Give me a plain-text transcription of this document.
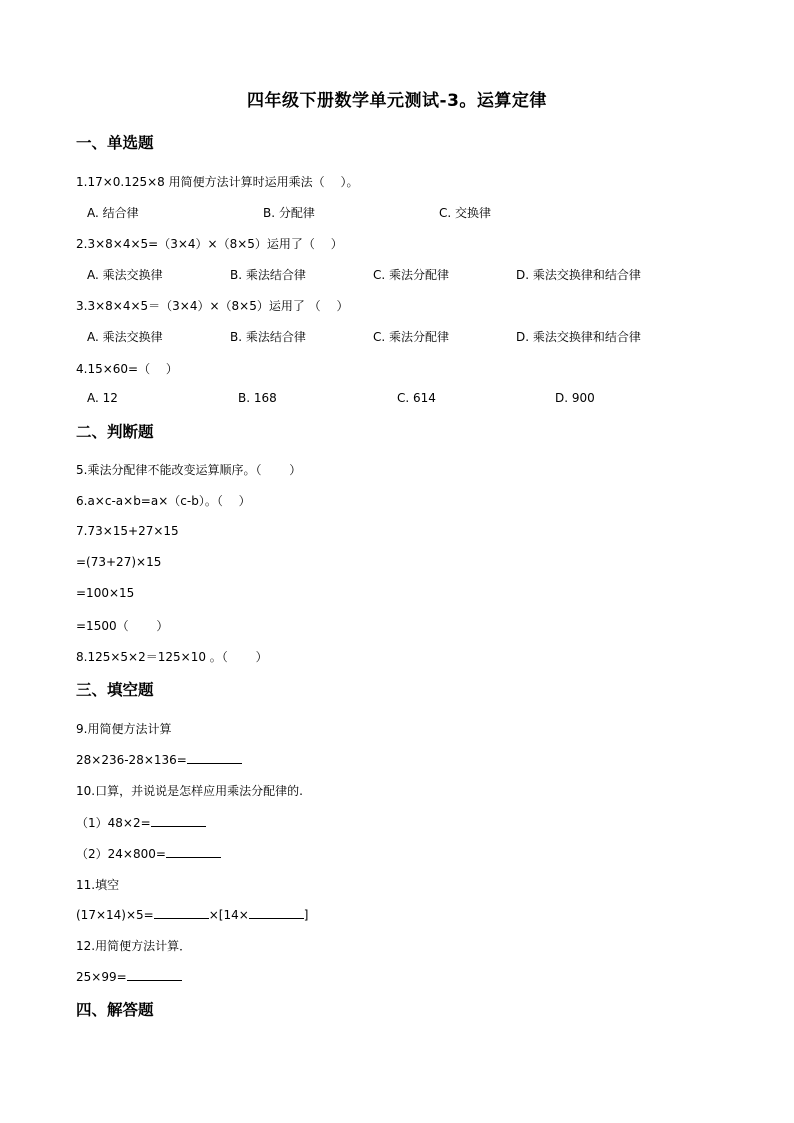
四年级下册数学单元测试-3。运算定律
一、单选题
1.17×0.125×8 用简便方法计算时运用乘法（　 ）。
A. 结合律	B. 分配律	C. 交换律
2.3×8×4×5=（3×4）×（8×5）运用了（　 ）
A. 乘法交换律	B. 乘法结合律	C. 乘法分配律	D. 乘法交换律和结合律
3.3×8×4×5＝（3×4）×（8×5）运用了 （　 ）
A. 乘法交换律	B. 乘法结合律	C. 乘法分配律	D. 乘法交换律和结合律
4.15×60=（　 ）
A. 12	B. 168	C. 614	D. 900
二、判断题
5.乘法分配律不能改变运算顺序。（　　 ）
6.a×c-a×b=a×（c-b）。（　 ）
7.73×15+27×15
=(73+27)×15
=100×15
=1500（　　 ）
8.125×5×2＝125×10 。（　　 ）
三、填空题
9.用简便方法计算
28×236-28×136=
10.口算，并说说是怎样应用乘法分配律的.
（1）48×2=
（2）24×800=
11.填空
(17×14)×5=	×[14×	]
12.用简便方法计算．
25×99=
四、解答题
